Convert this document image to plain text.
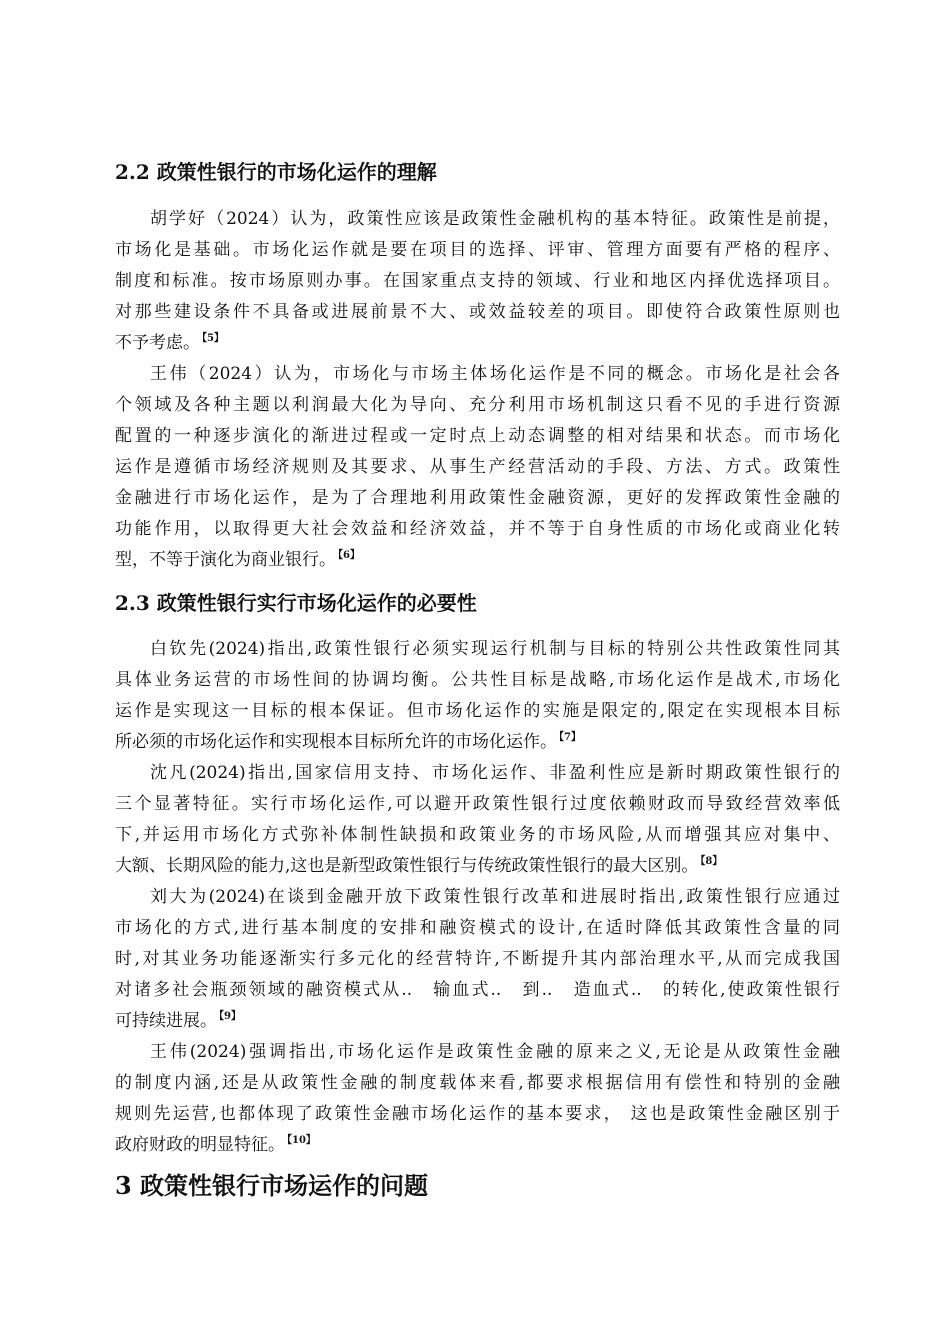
2.2 政策性银行的市场化运作的理解
胡学好（2024）认为，政策性应该是政策性金融机构的基本特征。政策性是前提，
市场化是基础。市场化运作就是要在项目的选择、评审、管理方面要有严格的程序、
制度和标准。按市场原则办事。在国家重点支持的领域、行业和地区内择优选择项目。
对那些建设条件不具备或进展前景不大、或效益较差的项目。即使符合政策性原则也
不予考虑。 $^{【5】}$
王伟（2024）认为，市场化与市场主体场化运作是不同的概念。市场化是社会各
个领域及各种主题以利润最大化为导向、充分利用市场机制这只看不见的手进行资源
配置的一种逐步演化的渐进过程或一定时点上动态调整的相对结果和状态。而市场化
运作是遵循市场经济规则及其要求、从事生产经营活动的手段、方法、方式。政策性
金融进行市场化运作，是为了合理地利用政策性金融资源，更好的发挥政策性金融的
功能作用，以取得更大社会效益和经济效益，并不等于自身性质的市场化或商业化转
型，不等于演化为商业银行。 $^{【6】}$
2.3 政策性银行实行市场化运作的必要性
白钦先(2024)指出,政策性银行必须实现运行机制与目标的特别公共性政策性同其
具体业务运营的市场性间的协调均衡。公共性目标是战略,市场化运作是战术,市场化
运作是实现这一目标的根本保证。但市场化运作的实施是限定的,限定在实现根本目标
所必须的市场化运作和实现根本目标所允许的市场化运作。 $^{【7】}$
沈凡(2024)指出,国家信用支持、市场化运作、非盈利性应是新时期政策性银行的
三个显著特征。实行市场化运作,可以避开政策性银行过度依赖财政而导致经营效率低
下,并运用市场化方式弥补体制性缺损和政策业务的市场风险,从而增强其应对集中、
大额、长期风险的能力,这也是新型政策性银行与传统政策性银行的最大区别。 $^{【8】}$
刘大为(2024)在谈到金融开放下政策性银行改革和进展时指出,政策性银行应通过
市场化的方式,进行基本制度的安排和融资模式的设计,在适时降低其政策性含量的同
时,对其业务功能逐渐实行多元化的经营特许,不断提升其内部治理水平,从而完成我国
对诸多社会瓶颈领域的融资模式从..　输血式..　到..　造血式..　的转化,使政策性银行
可持续进展。 $^{【9】}$
王伟(2024)强调指出,市场化运作是政策性金融的原来之义,无论是从政策性金融
的制度内涵,还是从政策性金融的制度载体来看,都要求根据信用有偿性和特别的金融
规则先运营,也都体现了政策性金融市场化运作的基本要求， 这也是政策性金融区别于
政府财政的明显特征。 $^{【10】}$
3 政策性银行市场运作的问题
